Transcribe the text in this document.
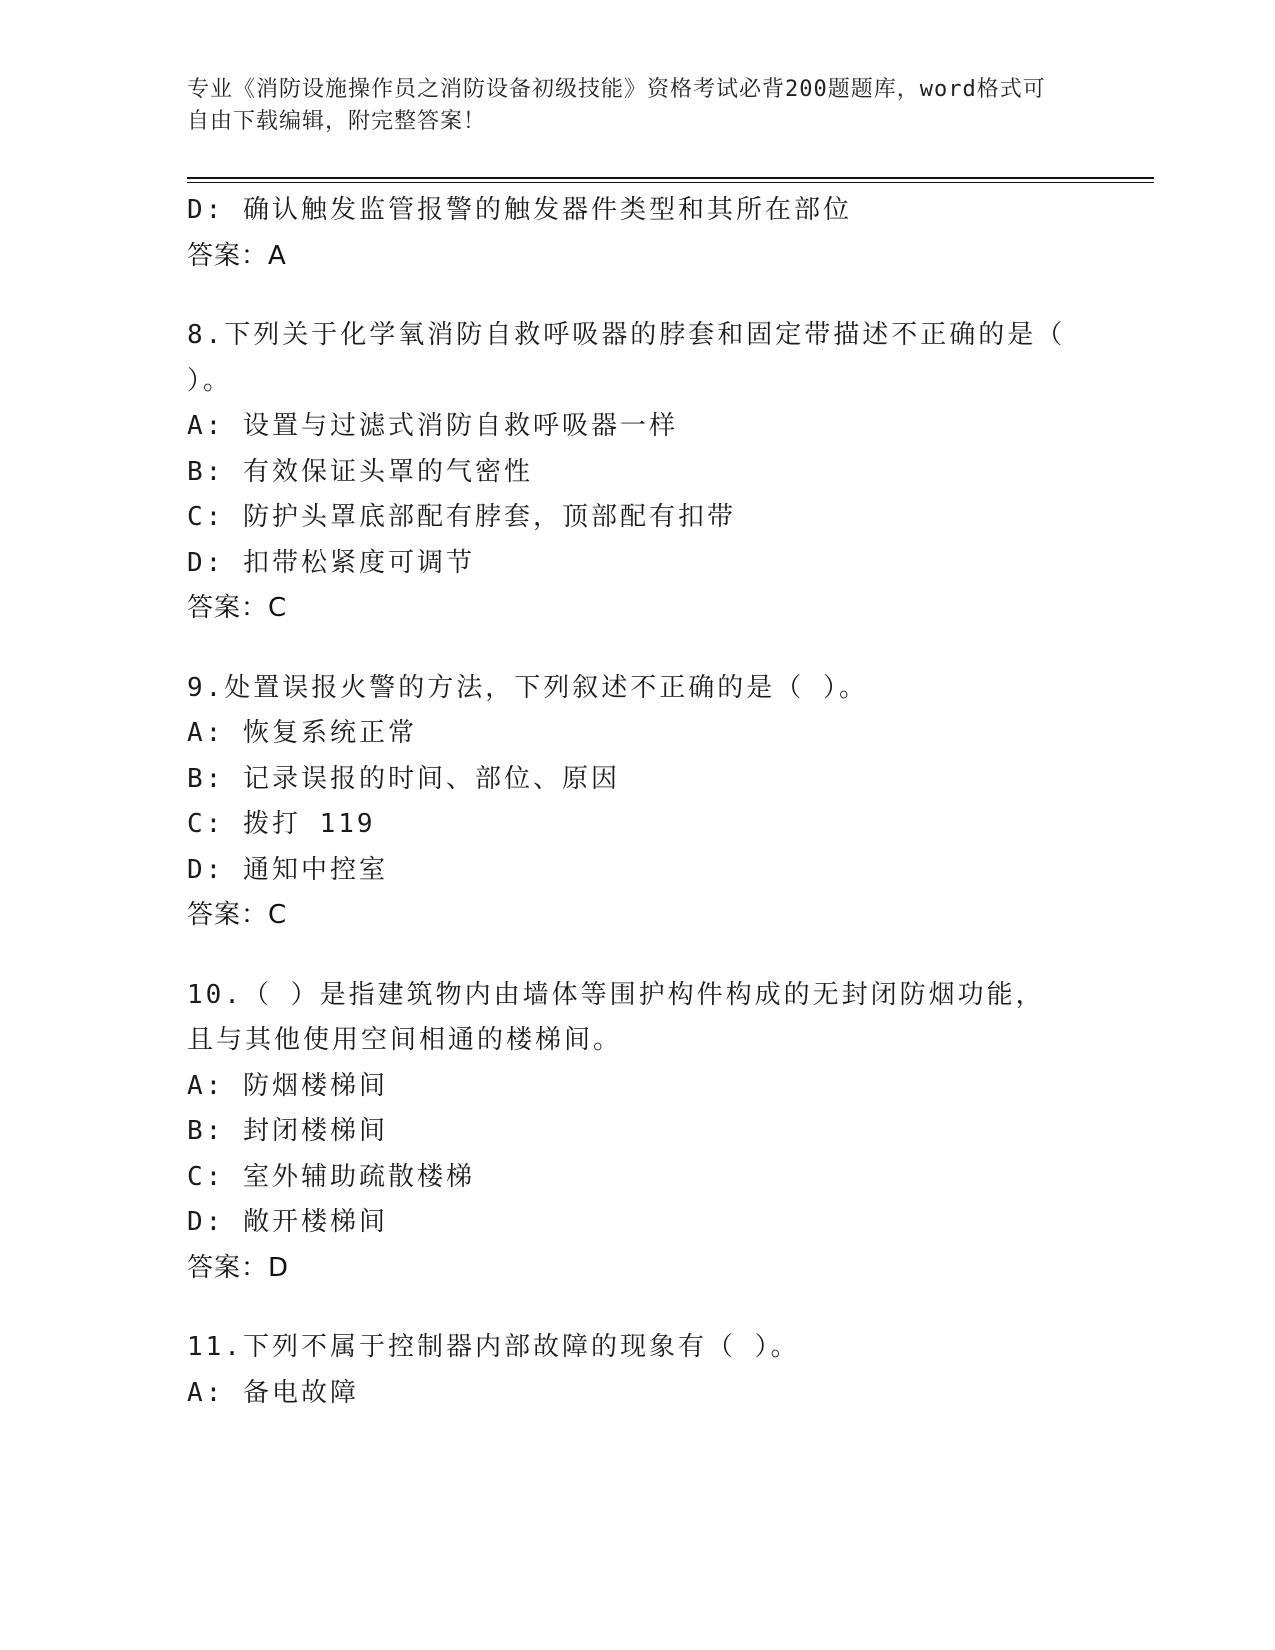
专业《消防设施操作员之消防设备初级技能》资格考试必背200题题库，word格式可自由下载编辑，附完整答案！
D: 确认触发监管报警的触发器件类型和其所在部位
答案：A
8.下列关于化学氧消防自救呼吸器的脖套和固定带描述不正确的是（ ）。
A: 设置与过滤式消防自救呼吸器一样
B: 有效保证头罩的气密性
C: 防护头罩底部配有脖套，顶部配有扣带
D: 扣带松紧度可调节
答案：C
9.处置误报火警的方法，下列叙述不正确的是（ ）。
A: 恢复系统正常
B: 记录误报的时间、部位、原因
C: 拨打 119
D: 通知中控室
答案：C
10.（ ）是指建筑物内由墙体等围护构件构成的无封闭防烟功能，且与其他使用空间相通的楼梯间。
A: 防烟楼梯间
B: 封闭楼梯间
C: 室外辅助疏散楼梯
D: 敞开楼梯间
答案：D
11.下列不属于控制器内部故障的现象有（ ）。
A: 备电故障
